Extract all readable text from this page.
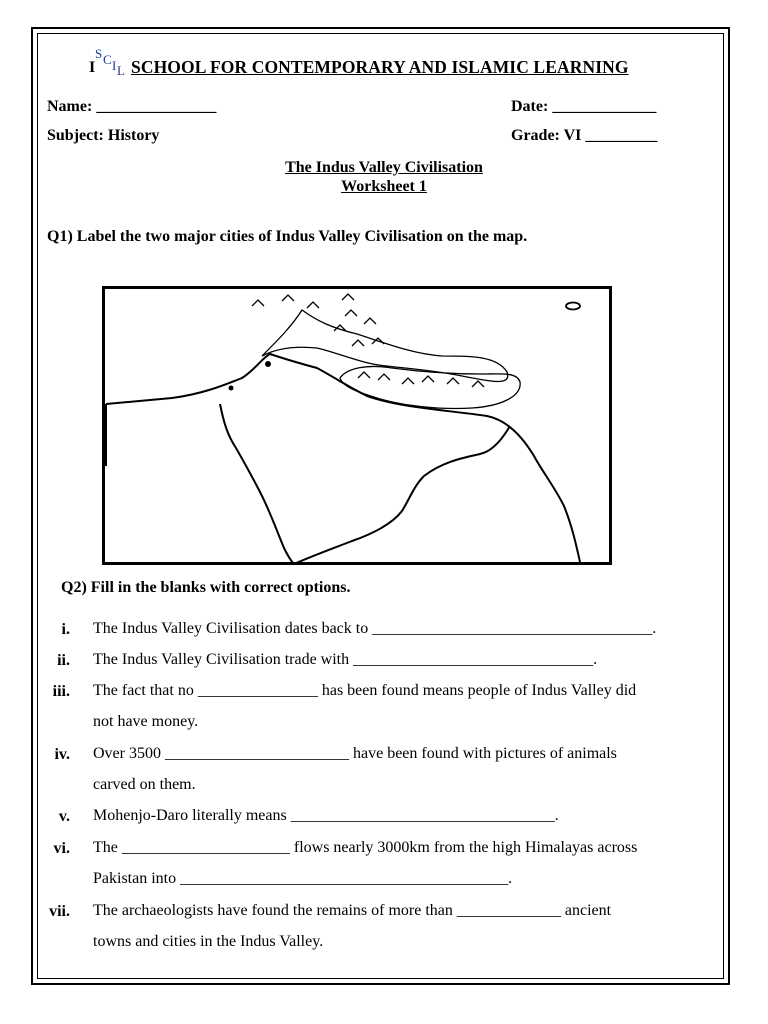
I
S C I L SCHOOL FOR CONTEMPORARY AND ISLAMIC LEARNING
Name: _______________	Date: _____________
Subject: History	Grade: VI _________
The Indus Valley Civilisation
Worksheet 1
Q1) Label the two major cities of Indus Valley Civilisation on the map.
Q2) Fill in the blanks with correct options.
i. The Indus Valley Civilisation dates back to ___________________________________.
ii. The Indus Valley Civilisation trade with ______________________________.
iii. The fact that no _______________ has been found means people of Indus Valley did
not have money.
iv. Over 3500 _______________________ have been found with pictures of animals
carved on them.
v. Mohenjo-Daro literally means _________________________________.
vi. The _____________________ flows nearly 3000km from the high Himalayas across
Pakistan into _________________________________________.
vii. The archaeologists have found the remains of more than _____________ ancient
towns and cities in the Indus Valley.
